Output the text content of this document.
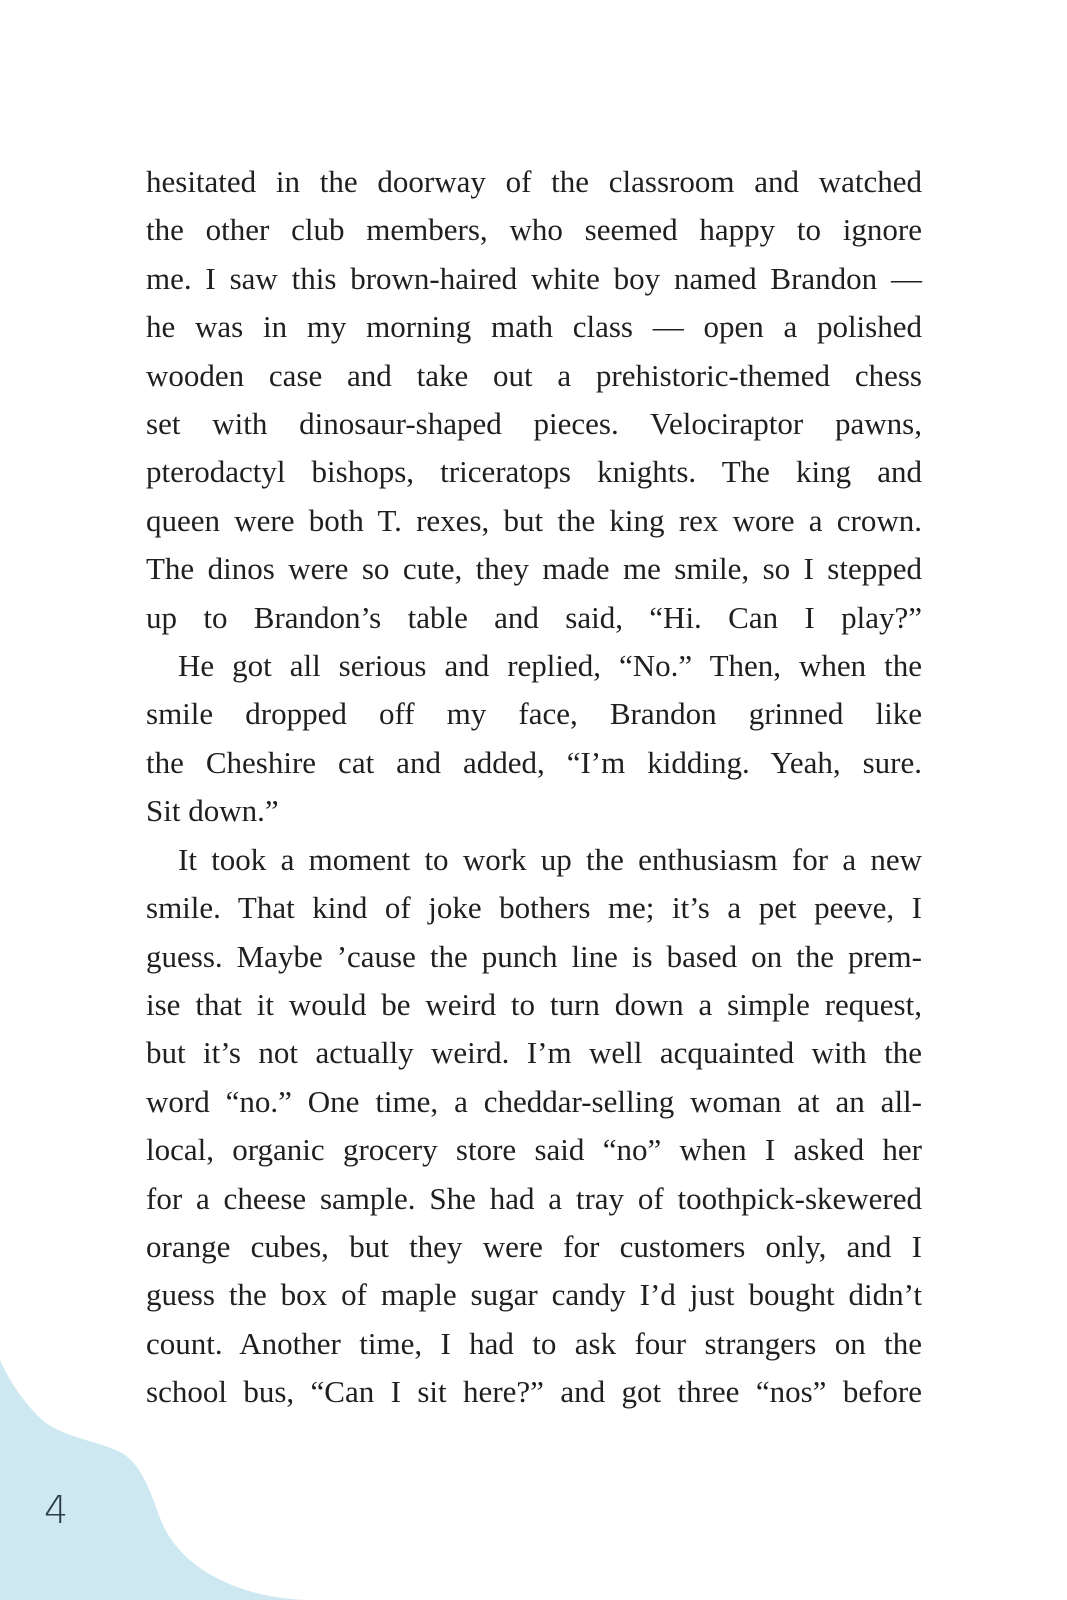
4

hesitated in the doorway of the classroom and watched
the other club members, who seemed happy to ignore
me. I saw this brown-haired white boy named Brandon —
he was in my morning math class — open a polished
wooden case and take out a prehistoric-themed chess
set with dinosaur-shaped pieces. Velociraptor pawns,
pterodactyl bishops, triceratops knights. The king and
queen were both T. rexes, but the king rex wore a crown.
The dinos were so cute, they made me smile, so I stepped
up to Brandon’s table and said, “Hi. Can I play?”

He got all serious and replied, “No.” Then, when the
smile dropped off my face, Brandon grinned like
the Cheshire cat and added, “I’m kidding. Yeah, sure.
Sit down.”

It took a moment to work up the enthusiasm for a new
smile. That kind of joke bothers me; it’s a pet peeve, I
guess. Maybe ’cause the punch line is based on the prem-
ise that it would be weird to turn down a simple request,
but it’s not actually weird. I’m well acquainted with the
word “no.” One time, a cheddar-selling woman at an all-
local, organic grocery store said “no” when I asked her
for a cheese sample. She had a tray of toothpick-skewered
orange cubes, but they were for customers only, and I
guess the box of maple sugar candy I’d just bought didn’t
count. Another time, I had to ask four strangers on the
school bus, “Can I sit here?” and got three “nos” before
